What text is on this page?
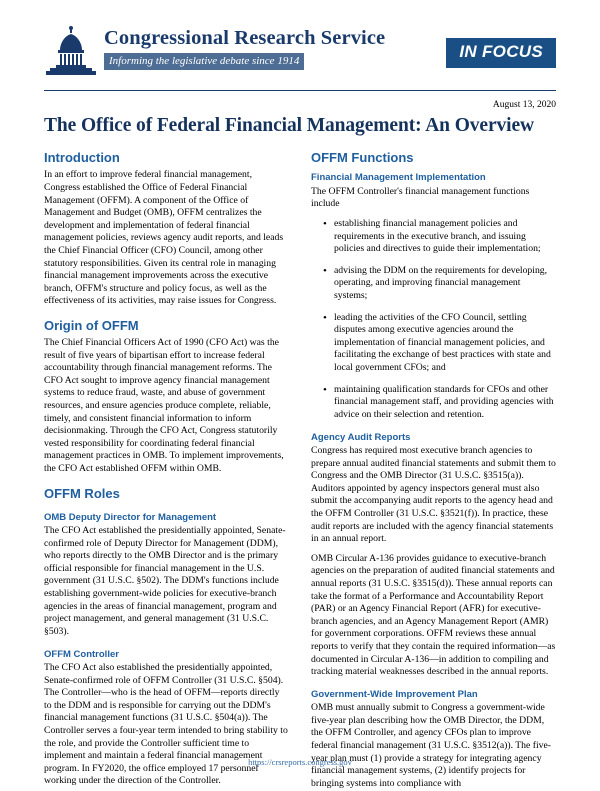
Congressional Research Service
Informing the legislative debate since 1914	IN FOCUS
August 13, 2020
The Office of Federal Financial Management: An Overview
Introduction

In an effort to improve federal financial management, Congress established the Office of Federal Financial Management (OFFM). A component of the Office of Management and Budget (OMB), OFFM centralizes the development and implementation of federal financial management policies, reviews agency audit reports, and leads the Chief Financial Officer (CFO) Council, among other statutory responsibilities. Given its central role in managing financial management improvements across the executive branch, OFFM's structure and policy focus, as well as the effectiveness of its activities, may raise issues for Congress.

Origin of OFFM

The Chief Financial Officers Act of 1990 (CFO Act) was the result of five years of bipartisan effort to increase federal accountability through financial management reforms. The CFO Act sought to improve agency financial management systems to reduce fraud, waste, and abuse of government resources, and ensure agencies produce complete, reliable, timely, and consistent financial information to inform decisionmaking. Through the CFO Act, Congress statutorily vested responsibility for coordinating federal financial management practices in OMB. To implement improvements, the CFO Act established OFFM within OMB.

OFFM Roles
OMB Deputy Director for Management

The CFO Act established the presidentially appointed, Senate-confirmed role of Deputy Director for Management (DDM), who reports directly to the OMB Director and is the primary official responsible for financial management in the U.S. government (31 U.S.C. §502). The DDM's functions include establishing government-wide policies for executive-branch agencies in the areas of financial management, program and project management, and general management (31 U.S.C. §503).

OFFM Controller

The CFO Act also established the presidentially appointed, Senate-confirmed role of OFFM Controller (31 U.S.C. §504). The Controller—who is the head of OFFM—reports directly to the DDM and is responsible for carrying out the DDM's financial management functions (31 U.S.C. §504(a)). The Controller serves a four-year term intended to bring stability to the role, and provide the Controller sufficient time to implement and maintain a federal financial management program. In FY2020, the office employed 17 personnel working under the direction of the Controller.

OFFM Functions
Financial Management Implementation

The OFFM Controller's financial management functions include

• establishing financial management policies and requirements in the executive branch, and issuing policies and directives to guide their implementation;
• advising the DDM on the requirements for developing, operating, and improving financial management systems;
• leading the activities of the CFO Council, settling disputes among executive agencies around the implementation of financial management policies, and facilitating the exchange of best practices with state and local government CFOs; and
• maintaining qualification standards for CFOs and other financial management staff, and providing agencies with advice on their selection and retention.
Agency Audit Reports

Congress has required most executive branch agencies to prepare annual audited financial statements and submit them to Congress and the OMB Director (31 U.S.C. §3515(a)). Auditors appointed by agency inspectors general must also submit the accompanying audit reports to the agency head and the OFFM Controller (31 U.S.C. §3521(f)). In practice, these audit reports are included with the agency financial statements in an annual report.

OMB Circular A-136 provides guidance to executive-branch agencies on the preparation of audited financial statements and annual reports (31 U.S.C. §3515(d)). These annual reports can take the format of a Performance and Accountability Report (PAR) or an Agency Financial Report (AFR) for executive-branch agencies, and an Agency Management Report (AMR) for government corporations. OFFM reviews these annual reports to verify that they contain the required information—as documented in Circular A-136—in addition to compiling and tracking material weaknesses described in the annual reports.

Government-Wide Improvement Plan

OMB must annually submit to Congress a government-wide five-year plan describing how the OMB Director, the DDM, the OFFM Controller, and agency CFOs plan to improve federal financial management (31 U.S.C. §3512(a)). The five-year plan must (1) provide a strategy for integrating agency financial management systems, (2) identify projects for bringing systems into compliance with

https://crsreports.congress.gov
